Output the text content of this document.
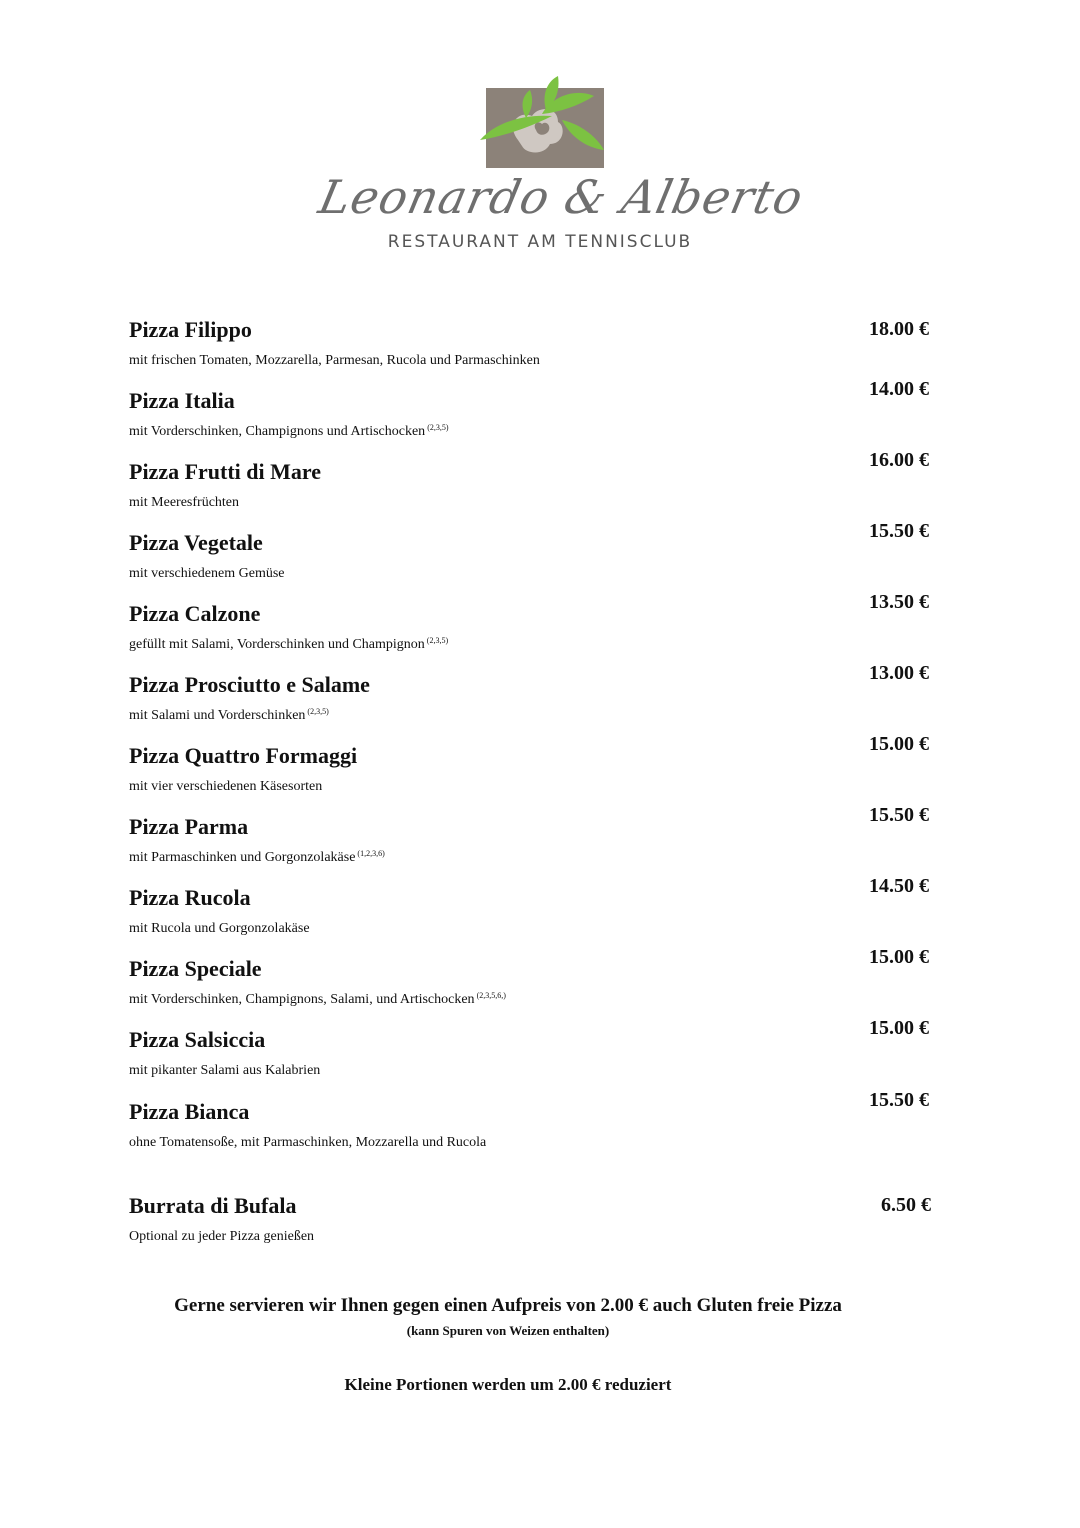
Leonardo & Alberto
RESTAURANT AM TENNISCLUB
Pizza Filippo
mit frischen Tomaten, Mozzarella, Parmesan, Rucola und Parmaschinken
18.00 €
Pizza Italia
mit Vorderschinken, Champignons und Artischocken $^{(2,3,5)}$
14.00 €
Pizza Frutti di Mare
mit Meeresfrüchten
16.00 €
Pizza Vegetale
mit verschiedenem Gemüse
15.50 €
Pizza Calzone
gefüllt mit Salami, Vorderschinken und Champignon $^{(2,3,5)}$
13.50 €
Pizza Prosciutto e Salame
mit Salami und Vorderschinken $^{(2,3,5)}$
13.00 €
Pizza Quattro Formaggi
mit vier verschiedenen Käsesorten
15.00 €
Pizza Parma
mit Parmaschinken und Gorgonzolakäse $^{(1,2,3,6)}$
15.50 €
Pizza Rucola
mit Rucola und Gorgonzolakäse
14.50 €
Pizza Speciale
mit Vorderschinken, Champignons, Salami, und Artischocken $^{(2,3,5,6,)}$
15.00 €
Pizza Salsiccia
mit pikanter Salami aus Kalabrien
15.00 €
Pizza Bianca
ohne Tomatensoße, mit Parmaschinken, Mozzarella und Rucola
15.50 €
Burrata di Bufala
Optional zu jeder Pizza genießen
6.50 €
Gerne servieren wir Ihnen gegen einen Aufpreis von 2.00 € auch Gluten freie Pizza
(kann Spuren von Weizen enthalten)
Kleine Portionen werden um 2.00 € reduziert
